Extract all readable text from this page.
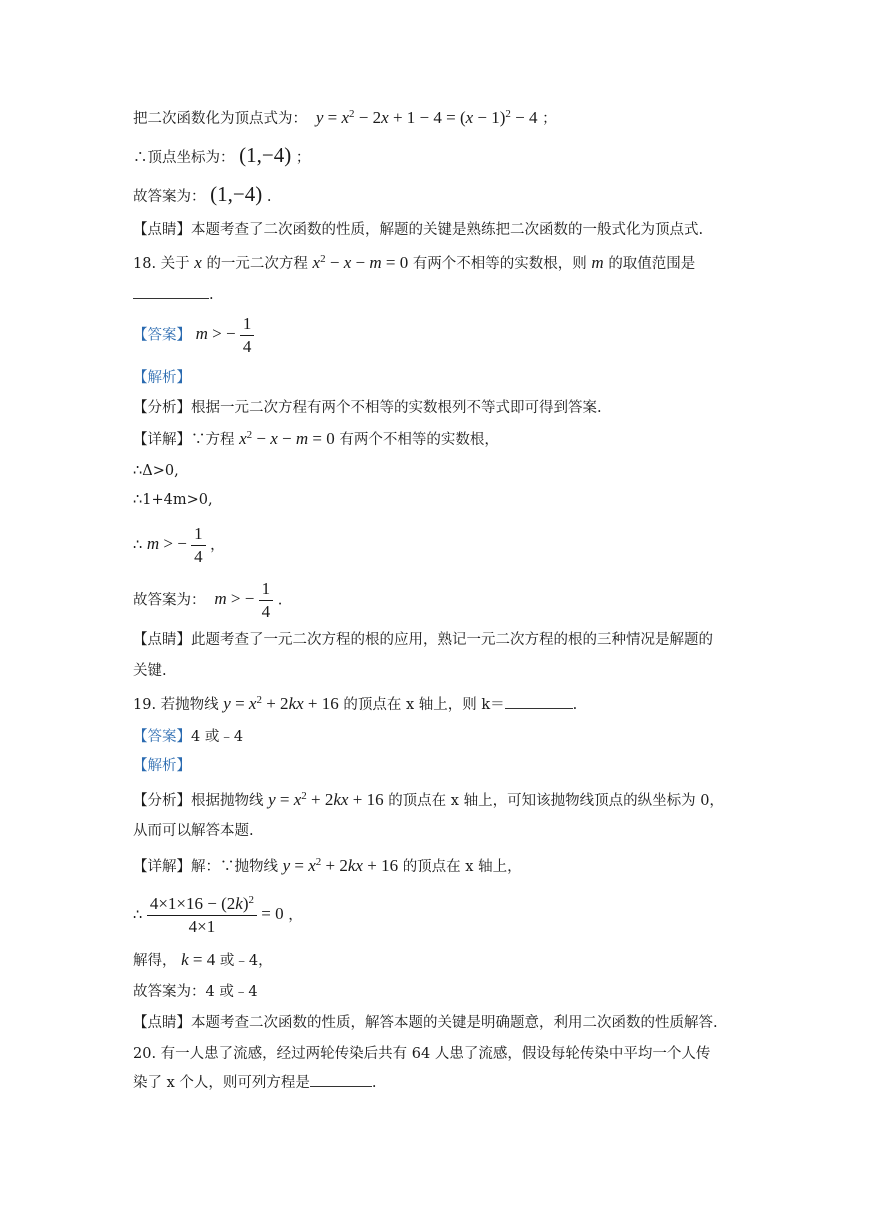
把二次函数化为顶点式为： $y = x^2 - 2x + 1 - 4 = (x - 1)^2 - 4$ ；
∴顶点坐标为： (1,−4) ；
故答案为： (1,−4) .
【点睛】本题考查了二次函数的性质，解题的关键是熟练把二次函数的一般式化为顶点式.
18. 关于 x 的一元二次方程 $x^2 - x - m = 0$ 有两个不相等的实数根，则 m 的取值范围是
.
【答案】 m > − $\frac{1}{4}$
【解析】
【分析】根据一元二次方程有两个不相等的实数根列不等式即可得到答案.
【详解】∵方程 $x^2 - x - m = 0$ 有两个不相等的实数根，
∴Δ>0,
∴1+4m>0,
∴ m > − $\frac{1}{4}$ ，
故答案为： m > − $\frac{1}{4}$ .
【点睛】此题考查了一元二次方程的根的应用，熟记一元二次方程的根的三种情况是解题的
关键.
19. 若抛物线 $y = x^2 + 2kx + 16$ 的顶点在 x 轴上，则 k＝	.
【答案】4 或﹣4
【解析】
【分析】根据抛物线 $y = x^2 + 2kx + 16$ 的顶点在 x 轴上，可知该抛物线顶点的纵坐标为 0，
从而可以解答本题.
【详解】解：∵抛物线 $y = x^2 + 2kx + 16$ 的顶点在 x 轴上，
∴ $\frac{4\times 1\times 16 - (2k)^2}{4\times 1} = 0$ ，
解得， k = 4 或﹣4，
故答案为：4 或﹣4
【点睛】本题考查二次函数的性质，解答本题的关键是明确题意，利用二次函数的性质解答.
20. 有一人患了流感，经过两轮传染后共有 64 人患了流感，假设每轮传染中平均一个人传
染了 x 个人，则可列方程是	.
